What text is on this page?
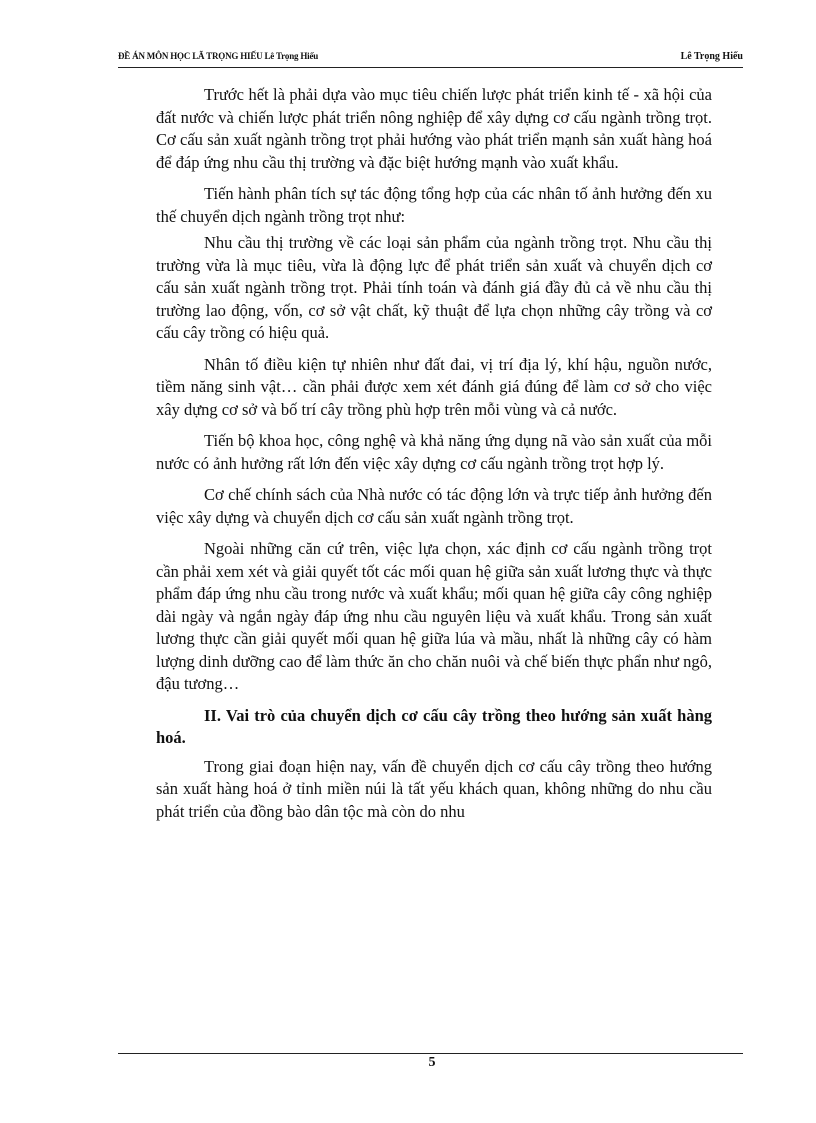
ĐỀ ÁN MÔN HỌC LÃ TRỌNG HIẾU Lê Trọng Hiếu	Lê Trọng Hiếu

Trước hết là phải dựa vào mục tiêu chiến lược phát triển kinh tế - xã hội của đất nước và chiến lược phát triển nông nghiệp để xây dựng cơ cấu ngành trồng trọt. Cơ cấu sản xuất ngành trồng trọt phải hướng vào phát triển mạnh sản xuất hàng hoá để đáp ứng nhu cầu thị trường và đặc biệt hướng mạnh vào xuất khẩu.

Tiến hành phân tích sự tác động tổng hợp của các nhân tố ảnh hưởng đến xu thế chuyển dịch ngành trồng trọt như:

Nhu cầu thị trường về các loại sản phẩm của ngành trồng trọt. Nhu cầu thị trường vừa là mục tiêu, vừa là động lực để phát triển sản xuất và chuyển dịch cơ cấu sản xuất ngành trồng trọt. Phải tính toán và đánh giá đầy đủ cả về nhu cầu thị trường lao động, vốn, cơ sở vật chất, kỹ thuật để lựa chọn những cây trồng và cơ cấu cây trồng có hiệu quả.

Nhân tố điều kiện tự nhiên như đất đai, vị trí địa lý, khí hậu, nguồn nước, tiềm năng sinh vật… cần phải được xem xét đánh giá đúng để làm cơ sở cho việc xây dựng cơ sở và bố trí cây trồng phù hợp trên mỗi vùng và cả nước.

Tiến bộ khoa học, công nghệ và khả năng ứng dụng nã vào sản xuất của mỗi nước có ảnh hưởng rất lớn đến việc xây dựng cơ cấu ngành trồng trọt hợp lý.

Cơ chế chính sách của Nhà nước có tác động lớn và trực tiếp ảnh hưởng đến việc xây dựng và chuyển dịch cơ cấu sản xuất ngành trồng trọt.

Ngoài những căn cứ trên, việc lựa chọn, xác định cơ cấu ngành trồng trọt cần phải xem xét và giải quyết tốt các mối quan hệ giữa sản xuất lương thực và thực phẩm đáp ứng nhu cầu trong nước và xuất khẩu; mối quan hệ giữa cây công nghiệp dài ngày và ngắn ngày đáp ứng nhu cầu nguyên liệu và xuất khẩu. Trong sản xuất lương thực cần giải quyết mối quan hệ giữa lúa và mầu, nhất là những cây có hàm lượng dinh dưỡng cao để làm thức ăn cho chăn nuôi và chế biến thực phẩn như ngô, đậu tương…

II. Vai trò của chuyển dịch cơ cấu cây trồng theo hướng sản xuất hàng hoá.

Trong giai đoạn hiện nay, vấn đề chuyển dịch cơ cấu cây trồng theo hướng sản xuất hàng hoá ở tỉnh miền núi là tất yếu khách quan, không những do nhu cầu phát triển của đồng bào dân tộc mà còn do nhu

5
